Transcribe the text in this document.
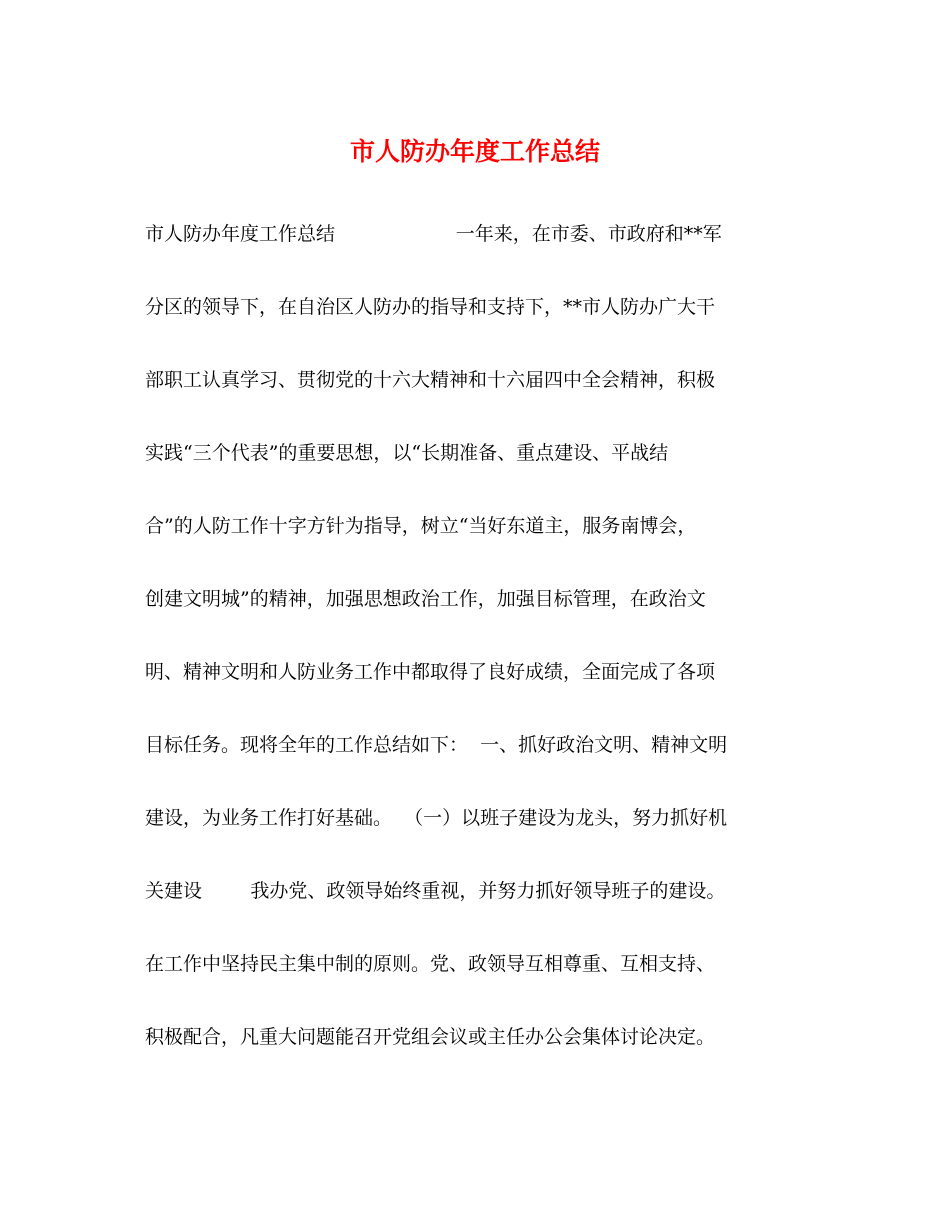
市人防办年度工作总结
市人防办年度工作总结                    一年来，在市委、市政府和**军
分区的领导下，在自治区人防办的指导和支持下，**市人防办广大干
部职工认真学习、贯彻党的十六大精神和十六届四中全会精神，积极
实践“三个代表”的重要思想，以“长期准备、重点建设、平战结
合”的人防工作十字方针为指导，树立“当好东道主，服务南博会，
创建文明城”的精神，加强思想政治工作，加强目标管理，在政治文
明、精神文明和人防业务工作中都取得了良好成绩，全面完成了各项
目标任务。现将全年的工作总结如下：  一、抓好政治文明、精神文明
建设，为业务工作打好基础。  （一）以班子建设为龙头，努力抓好机
关建设        我办党、政领导始终重视，并努力抓好领导班子的建设。
在工作中坚持民主集中制的原则。党、政领导互相尊重、互相支持、
积极配合，凡重大问题能召开党组会议或主任办公会集体讨论决定。
